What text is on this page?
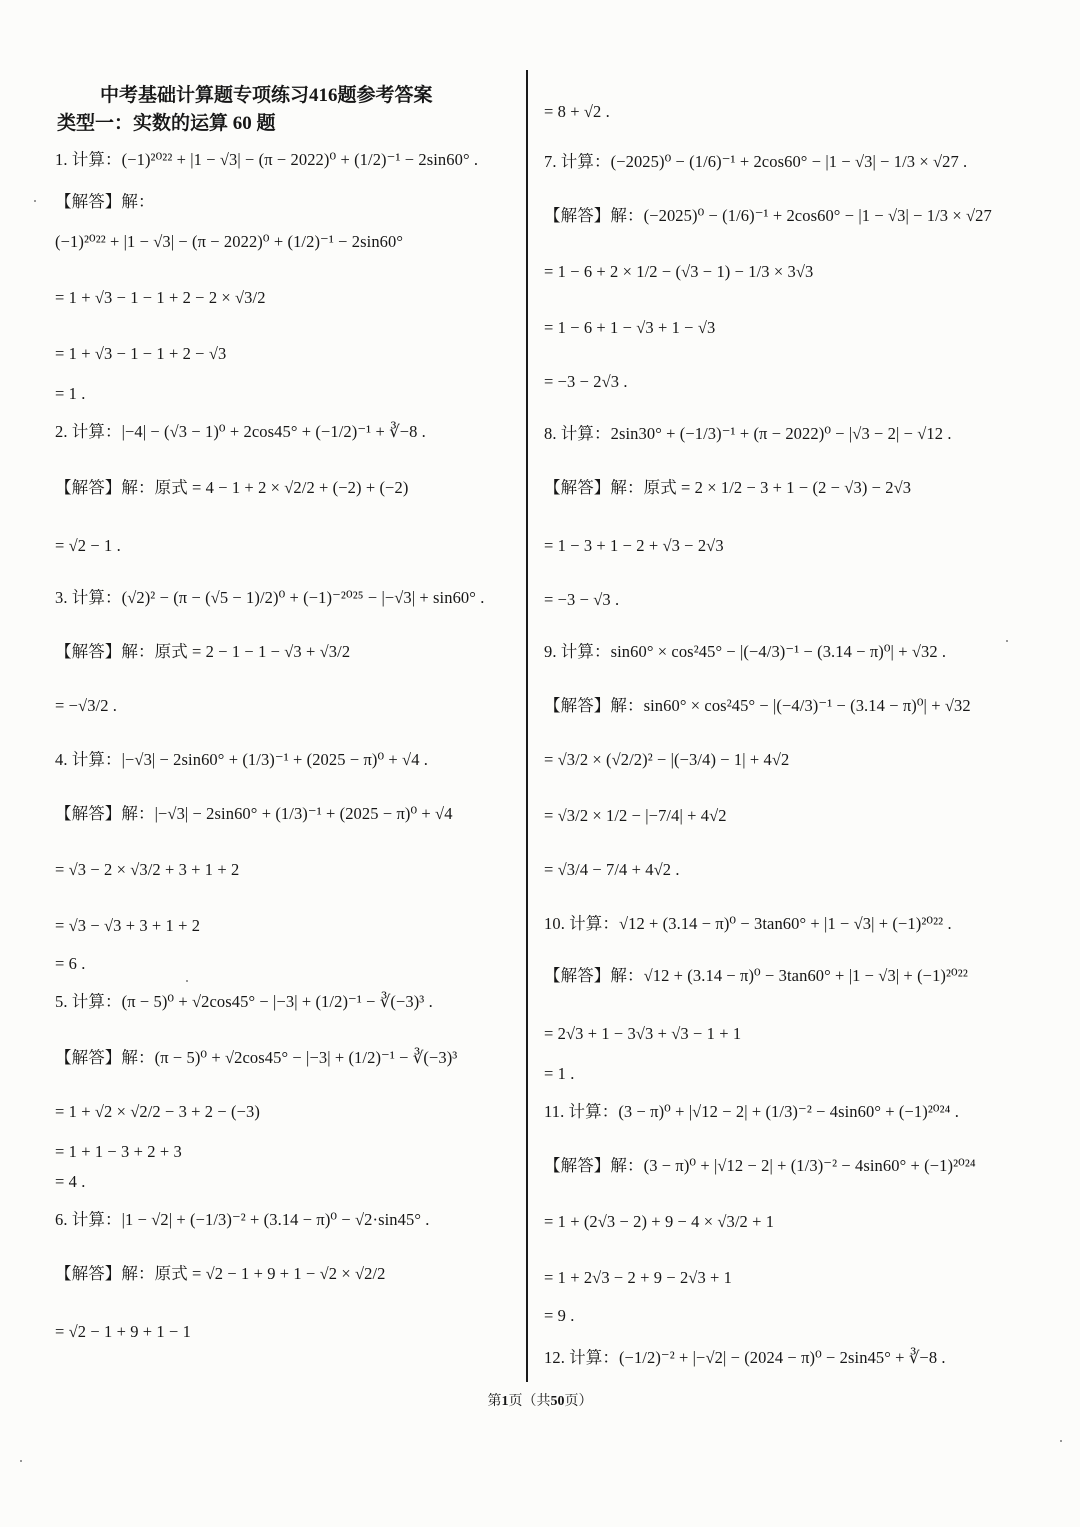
中考基础计算题专项练习416题参考答案
类型一：实数的运算 60 题
1. 计算：(−1)²⁰²² + |1 − √3| − (π − 2022)⁰ + (1/2)⁻¹ − 2sin60° .
【解答】解：
(−1)²⁰²² + |1 − √3| − (π − 2022)⁰ + (1/2)⁻¹ − 2sin60°
= 1 + √3 − 1 − 1 + 2 − 2 × √3/2
= 1 + √3 − 1 − 1 + 2 − √3
= 1 .
2. 计算：|−4| − (√3 − 1)⁰ + 2cos45° + (−1/2)⁻¹ + ∛−8 .
【解答】解：原式 = 4 − 1 + 2 × √2/2 + (−2) + (−2)
= √2 − 1 .
3. 计算：(√2)² − (π − (√5 − 1)/2)⁰ + (−1)⁻²⁰²⁵ − |−√3| + sin60° .
【解答】解：原式 = 2 − 1 − 1 − √3 + √3/2
= −√3/2 .
4. 计算：|−√3| − 2sin60° + (1/3)⁻¹ + (2025 − π)⁰ + √4 .
【解答】解：|−√3| − 2sin60° + (1/3)⁻¹ + (2025 − π)⁰ + √4
= √3 − 2 × √3/2 + 3 + 1 + 2
= √3 − √3 + 3 + 1 + 2
= 6 .
5. 计算：(π − 5)⁰ + √2cos45° − |−3| + (1/2)⁻¹ − ∛(−3)³ .
【解答】解：(π − 5)⁰ + √2cos45° − |−3| + (1/2)⁻¹ − ∛(−3)³
= 1 + √2 × √2/2 − 3 + 2 − (−3)
= 1 + 1 − 3 + 2 + 3
= 4 .
6. 计算：|1 − √2| + (−1/3)⁻² + (3.14 − π)⁰ − √2·sin45° .
【解答】解：原式 = √2 − 1 + 9 + 1 − √2 × √2/2
= √2 − 1 + 9 + 1 − 1
= 8 + √2 .
7. 计算：(−2025)⁰ − (1/6)⁻¹ + 2cos60° − |1 − √3| − 1/3 × √27 .
【解答】解：(−2025)⁰ − (1/6)⁻¹ + 2cos60° − |1 − √3| − 1/3 × √27
= 1 − 6 + 2 × 1/2 − (√3 − 1) − 1/3 × 3√3
= 1 − 6 + 1 − √3 + 1 − √3
= −3 − 2√3 .
8. 计算：2sin30° + (−1/3)⁻¹ + (π − 2022)⁰ − |√3 − 2| − √12 .
【解答】解：原式 = 2 × 1/2 − 3 + 1 − (2 − √3) − 2√3
= 1 − 3 + 1 − 2 + √3 − 2√3
= −3 − √3 .
9. 计算：sin60° × cos²45° − |(−4/3)⁻¹ − (3.14 − π)⁰| + √32 .
【解答】解：sin60° × cos²45° − |(−4/3)⁻¹ − (3.14 − π)⁰| + √32
= √3/2 × (√2/2)² − |(−3/4) − 1| + 4√2
= √3/2 × 1/2 − |−7/4| + 4√2
= √3/4 − 7/4 + 4√2 .
10. 计算：√12 + (3.14 − π)⁰ − 3tan60° + |1 − √3| + (−1)²⁰²² .
【解答】解：√12 + (3.14 − π)⁰ − 3tan60° + |1 − √3| + (−1)²⁰²²
= 2√3 + 1 − 3√3 + √3 − 1 + 1
= 1 .
11. 计算：(3 − π)⁰ + |√12 − 2| + (1/3)⁻² − 4sin60° + (−1)²⁰²⁴ .
【解答】解：(3 − π)⁰ + |√12 − 2| + (1/3)⁻² − 4sin60° + (−1)²⁰²⁴
= 1 + (2√3 − 2) + 9 − 4 × √3/2 + 1
= 1 + 2√3 − 2 + 9 − 2√3 + 1
= 9 .
12. 计算：(−1/2)⁻² + |−√2| − (2024 − π)⁰ − 2sin45° + ∛−8 .
第1页（共50页）
